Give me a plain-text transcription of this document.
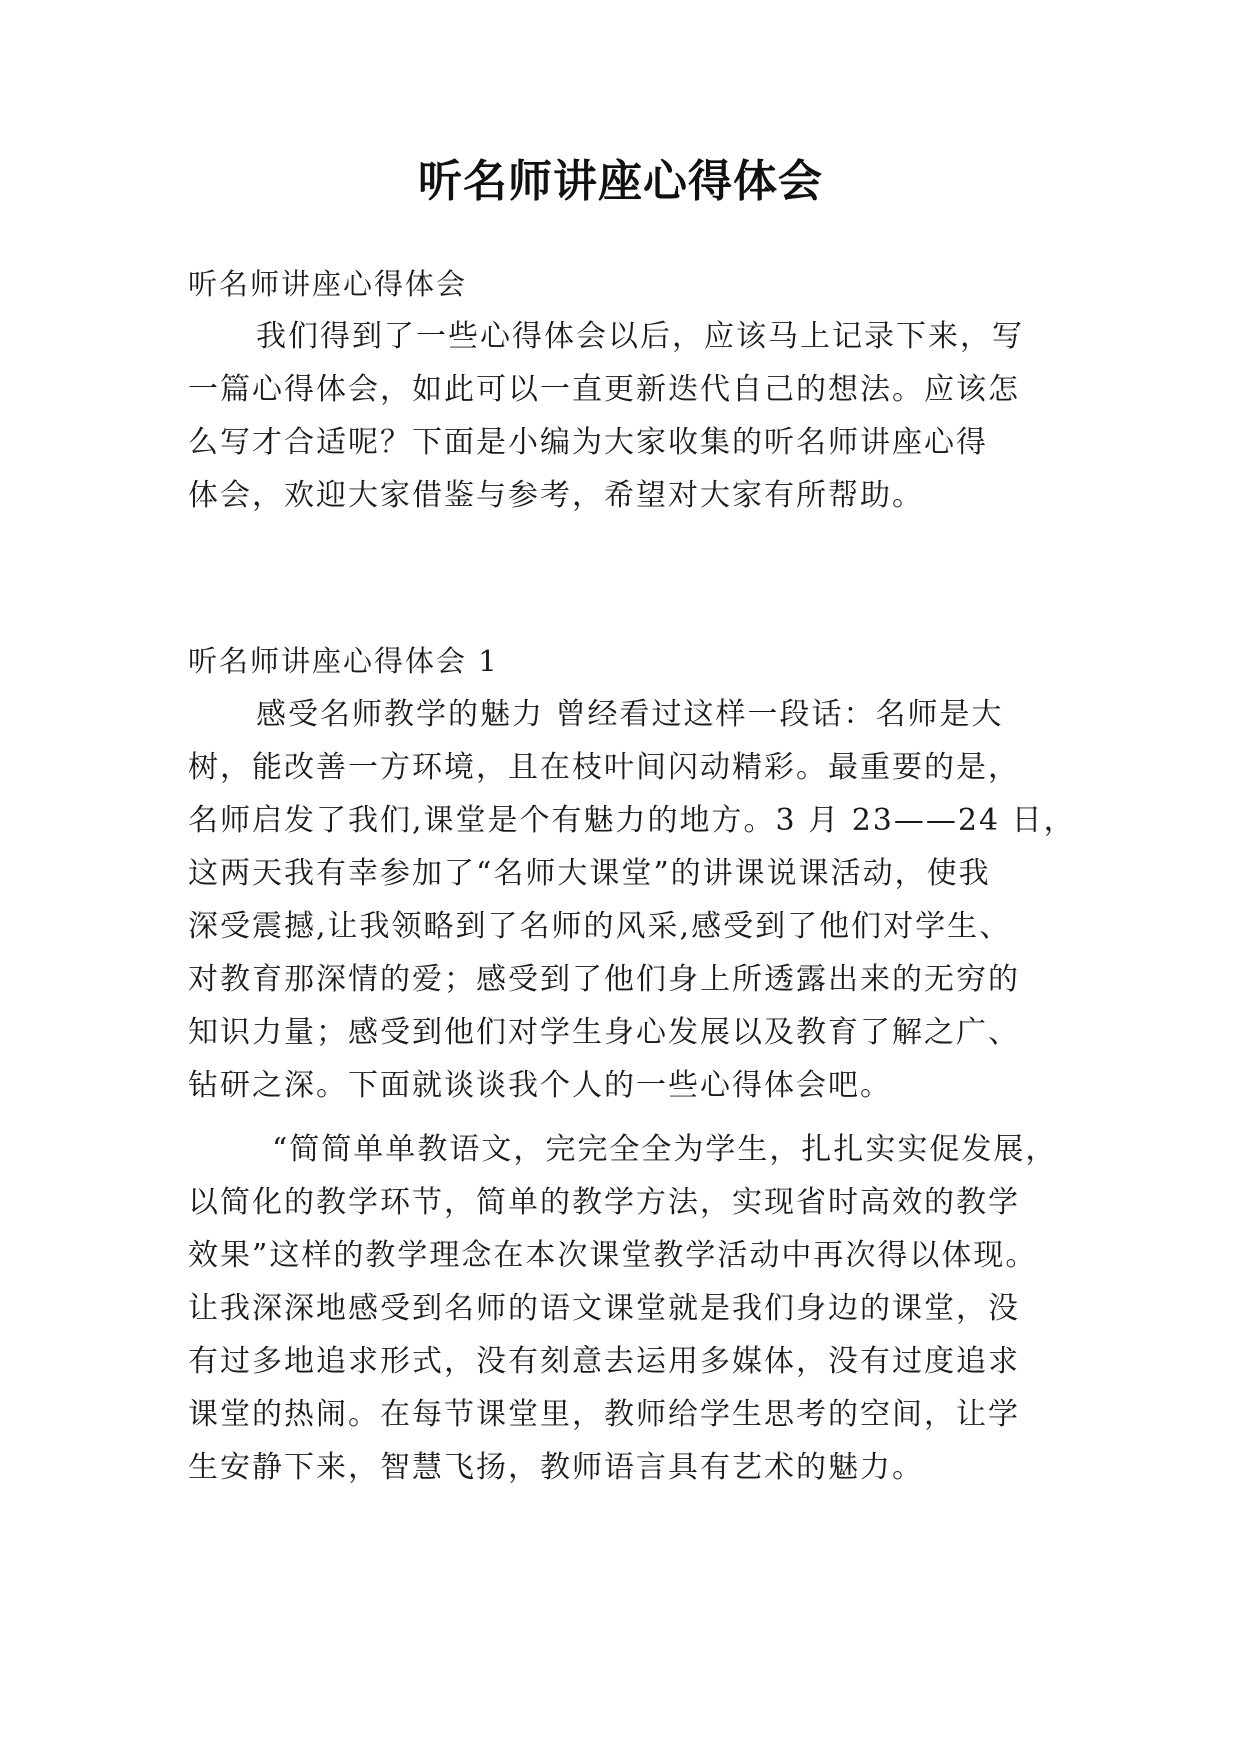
听名师讲座心得体会
听名师讲座心得体会
我们得到了一些心得体会以后，应该马上记录下来，写
一篇心得体会，如此可以一直更新迭代自己的想法。应该怎
么写才合适呢？下面是小编为大家收集的听名师讲座心得
体会，欢迎大家借鉴与参考，希望对大家有所帮助。
听名师讲座心得体会 1
感受名师教学的魅力 曾经看过这样一段话：名师是大
树，能改善一方环境，且在枝叶间闪动精彩。最重要的是，
名师启发了我们,课堂是个有魅力的地方。3 月 23——24 日，
这两天我有幸参加了“名师大课堂”的讲课说课活动，使我
深受震撼,让我领略到了名师的风采,感受到了他们对学生、
对教育那深情的爱；感受到了他们身上所透露出来的无穷的
知识力量；感受到他们对学生身心发展以及教育了解之广、
钻研之深。下面就谈谈我个人的一些心得体会吧。
“简简单单教语文，完完全全为学生，扎扎实实促发展，
以简化的教学环节，简单的教学方法，实现省时高效的教学
效果”这样的教学理念在本次课堂教学活动中再次得以体现。
让我深深地感受到名师的语文课堂就是我们身边的课堂，没
有过多地追求形式，没有刻意去运用多媒体，没有过度追求
课堂的热闹。在每节课堂里，教师给学生思考的空间，让学
生安静下来，智慧飞扬，教师语言具有艺术的魅力。
